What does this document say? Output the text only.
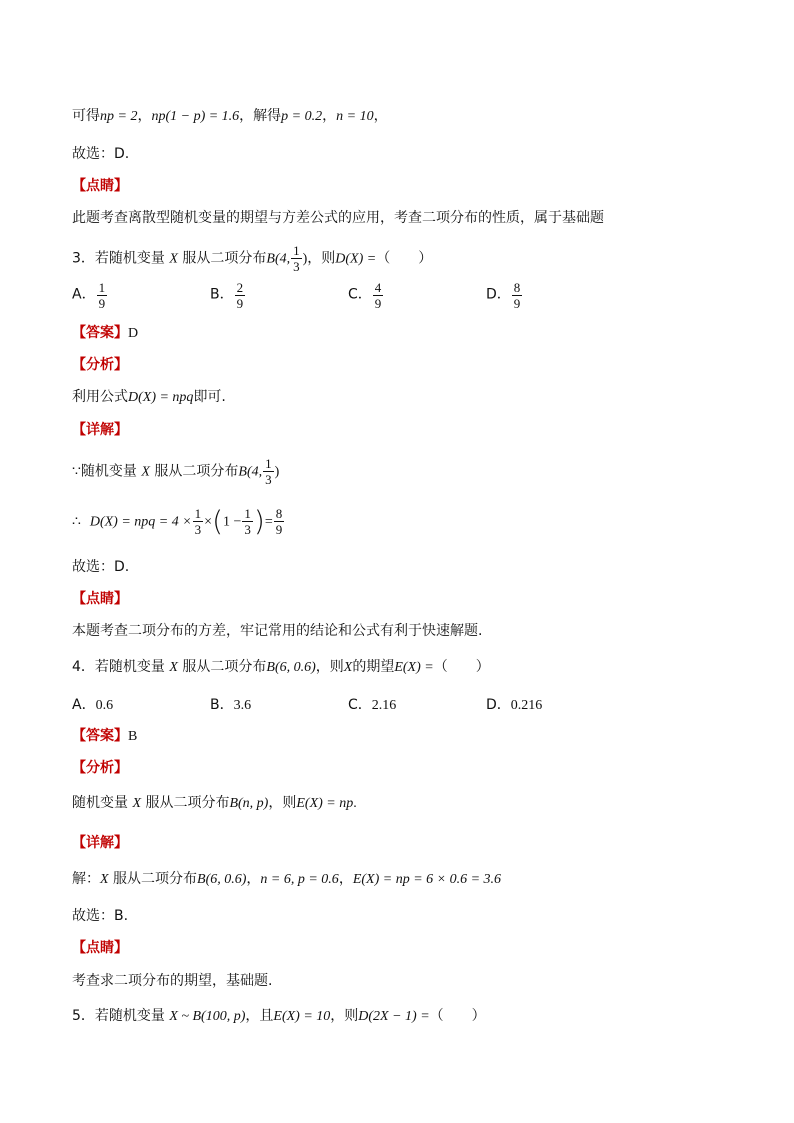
可得np = 2，np(1 − p) = 1.6，解得p = 0.2，n = 10，
故选：D.
【点睛】
此题考查离散型随机变量的期望与方差公式的应用，考查二项分布的性质，属于基础题
3．若随机变量 X 服从二项分布B(4, $\frac{1}{3}$ )，则D(X) =（　　）
A． $\frac{1}{9}$	B． $\frac{2}{9}$	C． $\frac{4}{9}$	D． $\frac{8}{9}$
【答案】D
【分析】
利用公式D(X) = npq即可.
【详解】
∵随机变量 X 服从二项分布B(4, $\frac{1}{3}$ )
∴ D(X) = npq = $4 \times \frac{1}{3} \times(1 - \frac{1}{3}$ )= $\frac{8}{9}$
故选：D.
【点睛】
本题考查二项分布的方差，牢记常用的结论和公式有利于快速解题.
4．若随机变量 X 服从二项分布B(6, 0.6)，则X的期望E(X) =（　　）
A．0.6	B．3.6	C．2.16	D．0.216
【答案】B
【分析】
随机变量 X 服从二项分布B(n, p)，则E(X) = np.
【详解】
解：X 服从二项分布B(6, 0.6)，n = 6, p = 0.6，E(X) = np = 6 × 0.6 = 3.6
故选：B.
【点睛】
考查求二项分布的期望，基础题.
5．若随机变量 X ~ B(100, p)，且E(X) = 10，则D(2X − 1) =（　　）
